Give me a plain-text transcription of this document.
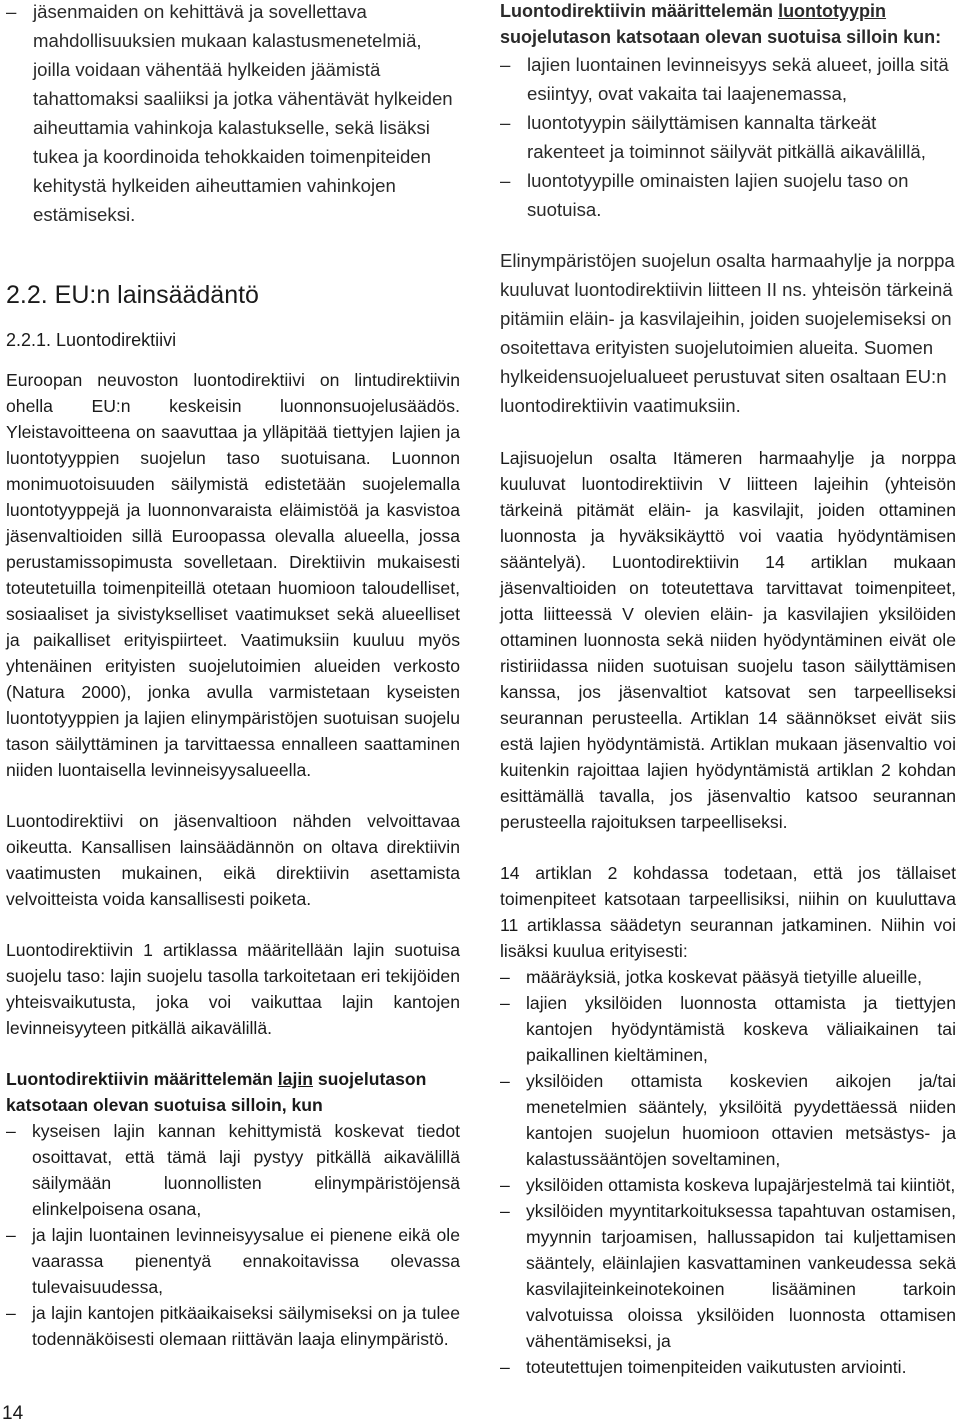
– jäsenmaiden on kehittävä ja sovellettava mahdollisuuksien mukaan kalastusmenetelmiä, joilla voidaan vähentää hylkeiden jäämistä tahattomaksi saaliiksi ja jotka vähentävät hylkeiden aiheuttamia vahinkoja kalastukselle, sekä lisäksi tukea ja koordinoida tehokkaiden toimenpiteiden kehitystä hylkeiden aiheuttamien vahinkojen estämiseksi.
2.2. EU:n lainsäädäntö
2.2.1. Luontodirektiivi

Euroopan neuvoston luontodirektiivi on lintudirektiivin ohella EU:n keskeisin luonnonsuojelusäädös. Yleistavoitteena on saavuttaa ja ylläpitää tiettyjen lajien ja luontotyyppien suojelun taso suotuisana. Luonnon monimuotoisuuden säilymistä edistetään suojelemalla luontotyyppejä ja luonnonvaraista eläimistöä ja kasvistoa jäsenvaltioiden sillä Euroopassa olevalla alueella, jossa perustamissopimusta sovelletaan. Direktiivin mukaisesti toteutetuilla toimenpiteillä otetaan huomioon taloudelliset, sosiaaliset ja sivistykselliset vaatimukset sekä alueelliset ja paikalliset erityispiirteet. Vaatimuksiin kuuluu myös yhtenäinen erityisten suojelutoimien alueiden verkosto (Natura 2000), jonka avulla varmistetaan kyseisten luontotyyppien ja lajien elinympäristöjen suotuisan suojelu tason säilyttäminen ja tarvittaessa ennalleen saattaminen niiden luontaisella levinneisyysalueella.

Luontodirektiivi on jäsenvaltioon nähden velvoittavaa oikeutta. Kansallisen lainsäädännön on oltava direktiivin vaatimusten mukainen, eikä direktiivin asettamista velvoitteista voida kansallisesti poiketa.

Luontodirektiivin 1 artiklassa määritellään lajin suotuisa suojelu taso: lajin suojelu tasolla tarkoitetaan eri tekijöiden yhteisvaikutusta, joka voi vaikuttaa lajin kantojen levinneisyyteen pitkällä aikavälillä.

Luontodirektiivin määrittelemän lajin suojelutason katsotaan olevan suotuisa silloin, kun
– kyseisen lajin kannan kehittymistä koskevat tiedot osoittavat, että tämä laji pystyy pitkällä aikavälillä säilymään luonnollisten elinympäristöjensä elinkelpoisena osana,
– ja lajin luontainen levinneisyysalue ei pienene eikä ole vaarassa pienentyä ennakoitavissa olevassa tulevaisuudessa,
– ja lajin kantojen pitkäaikaiseksi säilymiseksi on ja tulee todennäköisesti olemaan riittävän laaja elinympäristö.
Luontodirektiivin määrittelemän luontotyypin suojelutason katsotaan olevan suotuisa silloin kun:
– lajien luontainen levinneisyys sekä alueet, joilla sitä esiintyy, ovat vakaita tai laajenemassa,
– luontotyypin säilyttämisen kannalta tärkeät rakenteet ja toiminnot säilyvät pitkällä aikavälillä,
– luontotyypille ominaisten lajien suojelu taso on suotuisa.
Elinympäristöjen suojelun osalta harmaahylje ja norppa kuuluvat luontodirektiivin liitteen II ns. yhteisön tärkeinä pitämiin eläin- ja kasvilajeihin, joiden suojelemiseksi on osoitettava erityisten suojelutoimien alueita. Suomen hylkeidensuojelualueet perustuvat siten osaltaan EU:n luontodirektiivin vaatimuksiin.

Lajisuojelun osalta Itämeren harmaahylje ja norppa kuuluvat luontodirektiivin V liitteen lajeihin (yhteisön tärkeinä pitämät eläin- ja kasvilajit, joiden ottaminen luonnosta ja hyväksikäyttö voi vaatia hyödyntämisen sääntelyä). Luontodirektiivin 14 artiklan mukaan jäsenvaltioiden on toteutettava tarvittavat toimenpiteet, jotta liitteessä V olevien eläin- ja kasvilajien yksilöiden ottaminen luonnosta sekä niiden hyödyntäminen eivät ole ristiriidassa niiden suotuisan suojelu tason säilyttämisen kanssa, jos jäsenvaltiot katsovat sen tarpeelliseksi seurannan perusteella. Artiklan 14 säännökset eivät siis estä lajien hyödyntämistä. Artiklan mukaan jäsenvaltio voi kuitenkin rajoittaa lajien hyödyntämistä artiklan 2 kohdan esittämällä tavalla, jos jäsenvaltio katsoo seurannan perusteella rajoituksen tarpeelliseksi.

14 artiklan 2 kohdassa todetaan, että jos tällaiset toimenpiteet katsotaan tarpeellisiksi, niihin on kuuluttava 11 artiklassa säädetyn seurannan jatkaminen. Niihin voi lisäksi kuulua erityisesti:

– määräyksiä, jotka koskevat pääsyä tietyille alueille,
– lajien yksilöiden luonnosta ottamista ja tiettyjen kantojen hyödyntämistä koskeva väliaikainen tai paikallinen kieltäminen,
– yksilöiden ottamista koskevien aikojen ja/tai menetelmien sääntely, yksilöitä pyydettäessä niiden kantojen suojelun huomioon ottavien metsästys- ja kalastussääntöjen soveltaminen,
– yksilöiden ottamista koskeva lupajärjestelmä tai kiintiöt,
– yksilöiden myyntitarkoituksessa tapahtuvan ostamisen, myynnin tarjoamisen, hallussapidon tai kuljettamisen sääntely, eläinlajien kasvattaminen vankeudessa sekä kasvilajiteinkeinotekoinen lisääminen tarkoin valvotuissa oloissa yksilöiden luonnosta ottamisen vähentämiseksi, ja
– toteutettujen toimenpiteiden vaikutusten arviointi.
14
